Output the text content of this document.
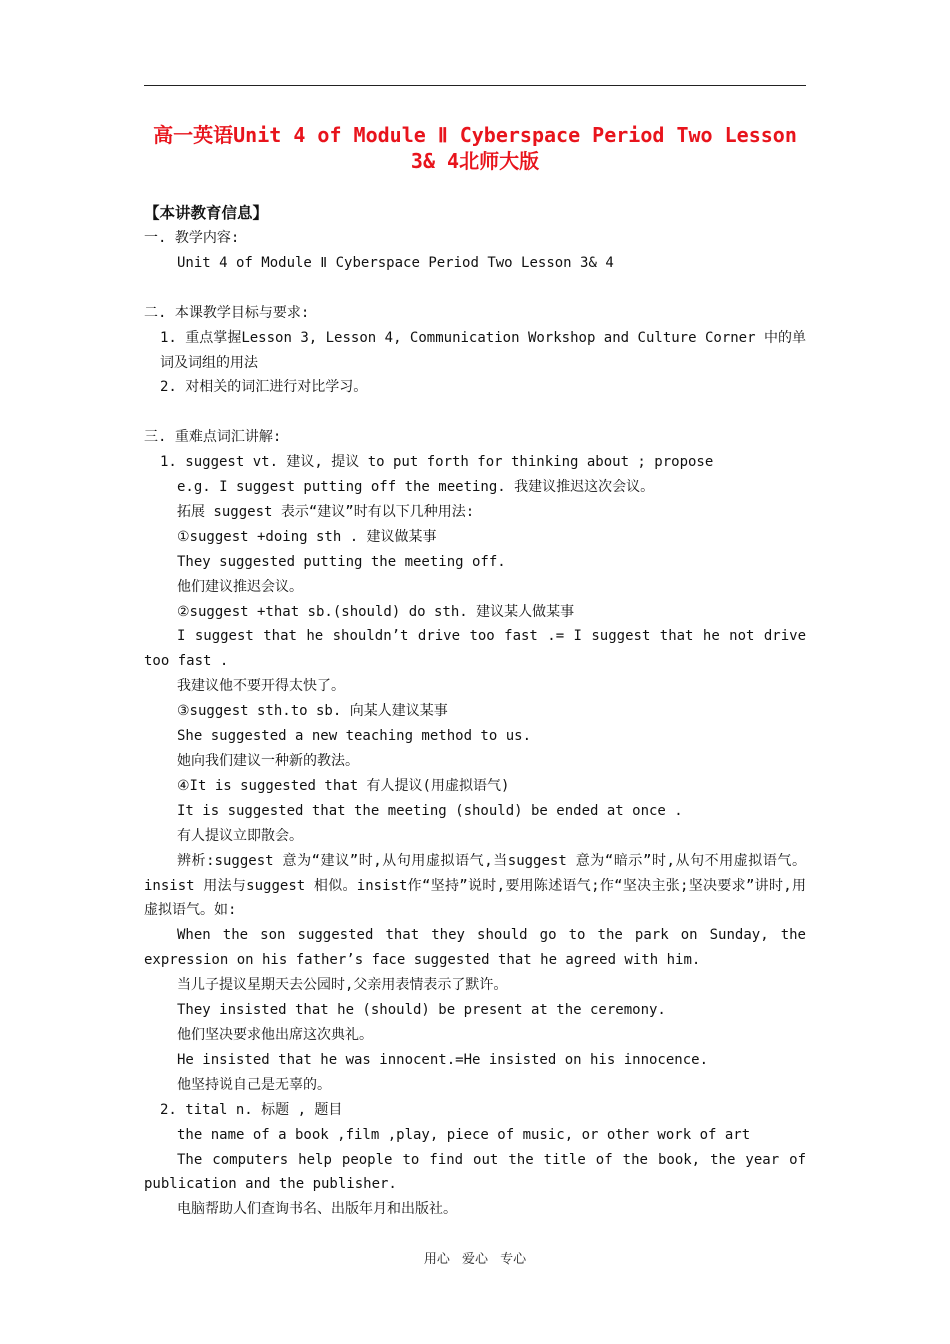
高一英语Unit 4 of Module Ⅱ Cyberspace Period Two Lesson
3& 4北师大版

【本讲教育信息】

一. 教学内容:

Unit 4 of Module Ⅱ Cyberspace Period Two Lesson 3& 4

二. 本课教学目标与要求:

1. 重点掌握Lesson 3, Lesson 4, Communication Workshop and Culture Corner 中的单词及词组的用法

2. 对相关的词汇进行对比学习。

三. 重难点词汇讲解:

1. suggest vt. 建议, 提议 to put forth for thinking about ; propose

e.g. I suggest putting off the meeting. 我建议推迟这次会议。

拓展 suggest 表示“建议”时有以下几种用法:

①suggest +doing sth . 建议做某事

They suggested putting the meeting off.

他们建议推迟会议。

②suggest +that sb.(should) do sth. 建议某人做某事

I suggest that he shouldn’t drive too fast .= I suggest that he not drive too fast .

我建议他不要开得太快了。

③suggest sth.to sb. 向某人建议某事

She suggested a new teaching method to us.

她向我们建议一种新的教法。

④It is suggested that 有人提议(用虚拟语气)

It is suggested that the meeting (should) be ended at once .

有人提议立即散会。

辨析:suggest 意为“建议”时,从句用虚拟语气,当suggest 意为“暗示”时,从句不用虚拟语气。insist 用法与suggest 相似。insist作“坚持”说时,要用陈述语气;作“坚决主张;坚决要求”讲时,用虚拟语气。如:

When the son suggested that they should go to the park on Sunday, the expression on his father’s face suggested that he agreed with him.

当儿子提议星期天去公园时,父亲用表情表示了默许。

They insisted that he (should) be present at the ceremony.

他们坚决要求他出席这次典礼。

He insisted that he was innocent.=He insisted on his innocence.

他坚持说自己是无辜的。

2. tital n. 标题 , 题目

the name of a book ,film ,play, piece of music, or other work of art

The computers help people to find out the title of the book, the year of publication and the publisher.

电脑帮助人们查询书名、出版年月和出版社。

用心 爱心 专心
